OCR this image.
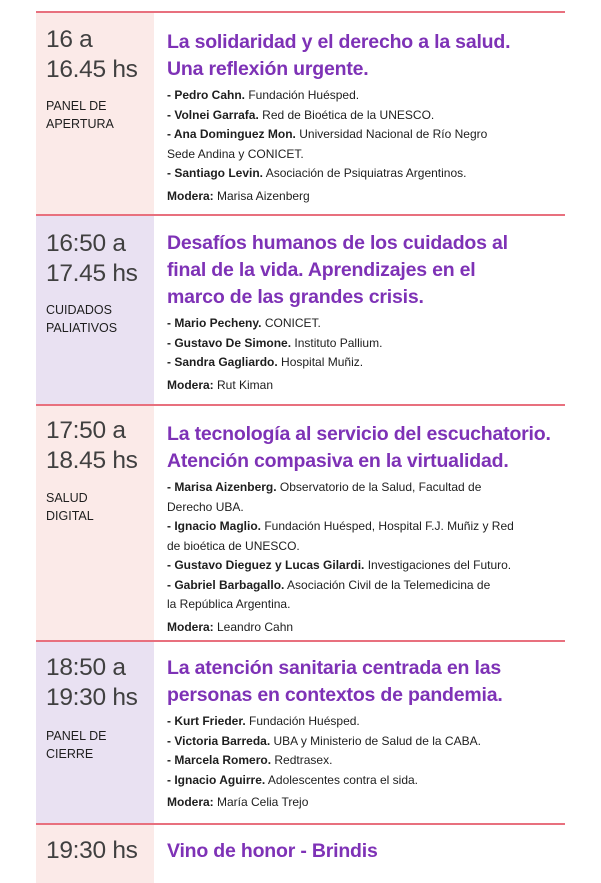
16 a
16.45 hs
PANEL DE
APERTURA
La solidaridad y el derecho a la salud.
Una reflexión urgente.
- Pedro Cahn. Fundación Huésped.
- Volnei Garrafa. Red de Bioética de la UNESCO.
- Ana Dominguez Mon. Universidad Nacional de Río Negro
Sede Andina y CONICET.
- Santiago Levin. Asociación de Psiquiatras Argentinos.
Modera: Marisa Aizenberg
16:50 a
17.45 hs
CUIDADOS
PALIATIVOS
Desafíos humanos de los cuidados al
final de la vida. Aprendizajes en el
marco de las grandes crisis.
- Mario Pecheny. CONICET.
- Gustavo De Simone. Instituto Pallium.
- Sandra Gagliardo. Hospital Muñiz.
Modera: Rut Kiman
17:50 a
18.45 hs
SALUD
DIGITAL
La tecnología al servicio del escuchatorio.
Atención compasiva en la virtualidad.
- Marisa Aizenberg. Observatorio de la Salud, Facultad de
Derecho UBA.
- Ignacio Maglio. Fundación Huésped, Hospital F.J. Muñiz y Red
de bioética de UNESCO.
- Gustavo Dieguez y Lucas Gilardi. Investigaciones del Futuro.
- Gabriel Barbagallo. Asociación Civil de la Telemedicina de
la República Argentina.
Modera: Leandro Cahn
18:50 a
19:30 hs
PANEL DE
CIERRE
La atención sanitaria centrada en las
personas en contextos de pandemia.
- Kurt Frieder. Fundación Huésped.
- Victoria Barreda. UBA y Ministerio de Salud de la CABA.
- Marcela Romero. Redtrasex.
- Ignacio Aguirre. Adolescentes contra el sida.
Modera: María Celia Trejo
19:30 hs Vino de honor - Brindis
